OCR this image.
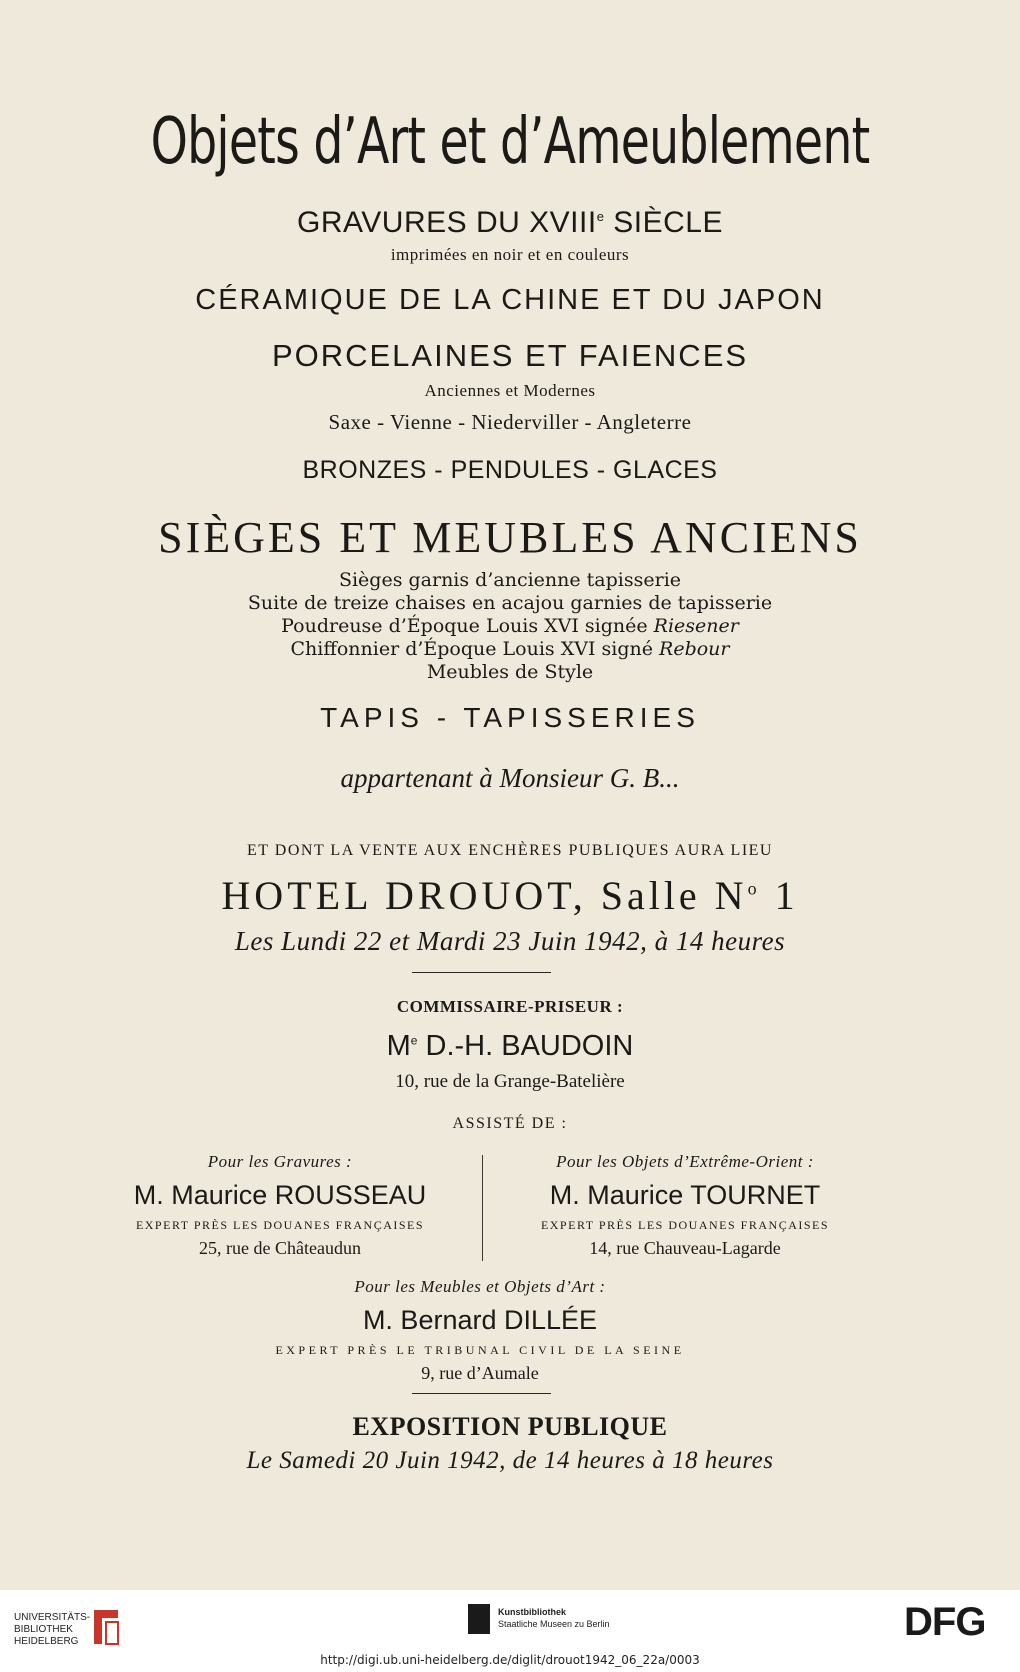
Objets d’Art et d’Ameublement
GRAVURES DU XVIIIe SIÈCLE
imprimées en noir et en couleurs
CÉRAMIQUE DE LA CHINE ET DU JAPON
PORCELAINES ET FAIENCES
Anciennes et Modernes
Saxe - Vienne - Niederviller - Angleterre
BRONZES - PENDULES - GLACES
SIÈGES ET MEUBLES ANCIENS
Sièges garnis d’ancienne tapisserie
Suite de treize chaises en acajou garnies de tapisserie
Poudreuse d’Époque Louis XVI signée Riesener
Chiffonnier d’Époque Louis XVI signé Rebour
Meubles de Style
TAPIS - TAPISSERIES
appartenant à Monsieur G. B...
ET DONT LA VENTE AUX ENCHÈRES PUBLIQUES AURA LIEU
HOTEL DROUOT, Salle $N^o$ 1
Les Lundi 22 et Mardi 23 Juin 1942, à 14 heures
COMMISSAIRE-PRISEUR :
Me D.-H. BAUDOIN
10, rue de la Grange-Batelière
ASSISTÉ DE :
Pour les Gravures :
M. Maurice ROUSSEAU
EXPERT PRÈS LES DOUANES FRANÇAISES
25, rue de Châteaudun
Pour les Objets d’Extrême-Orient :
M. Maurice TOURNET
EXPERT PRÈS LES DOUANES FRANÇAISES
14, rue Chauveau-Lagarde
Pour les Meubles et Objets d’Art :
M. Bernard DILLÉE
EXPERT PRÈS LE TRIBUNAL CIVIL DE LA SEINE
9, rue d’Aumale
EXPOSITION PUBLIQUE
Le Samedi 20 Juin 1942, de 14 heures à 18 heures
UNIVERSITÄTS-
BIBLIOTHEK
HEIDELBERG
Kunstbibliothek
Staatliche Museen zu Berlin	DFG
http://digi.ub.uni-heidelberg.de/diglit/drouot1942_06_22a/0003
